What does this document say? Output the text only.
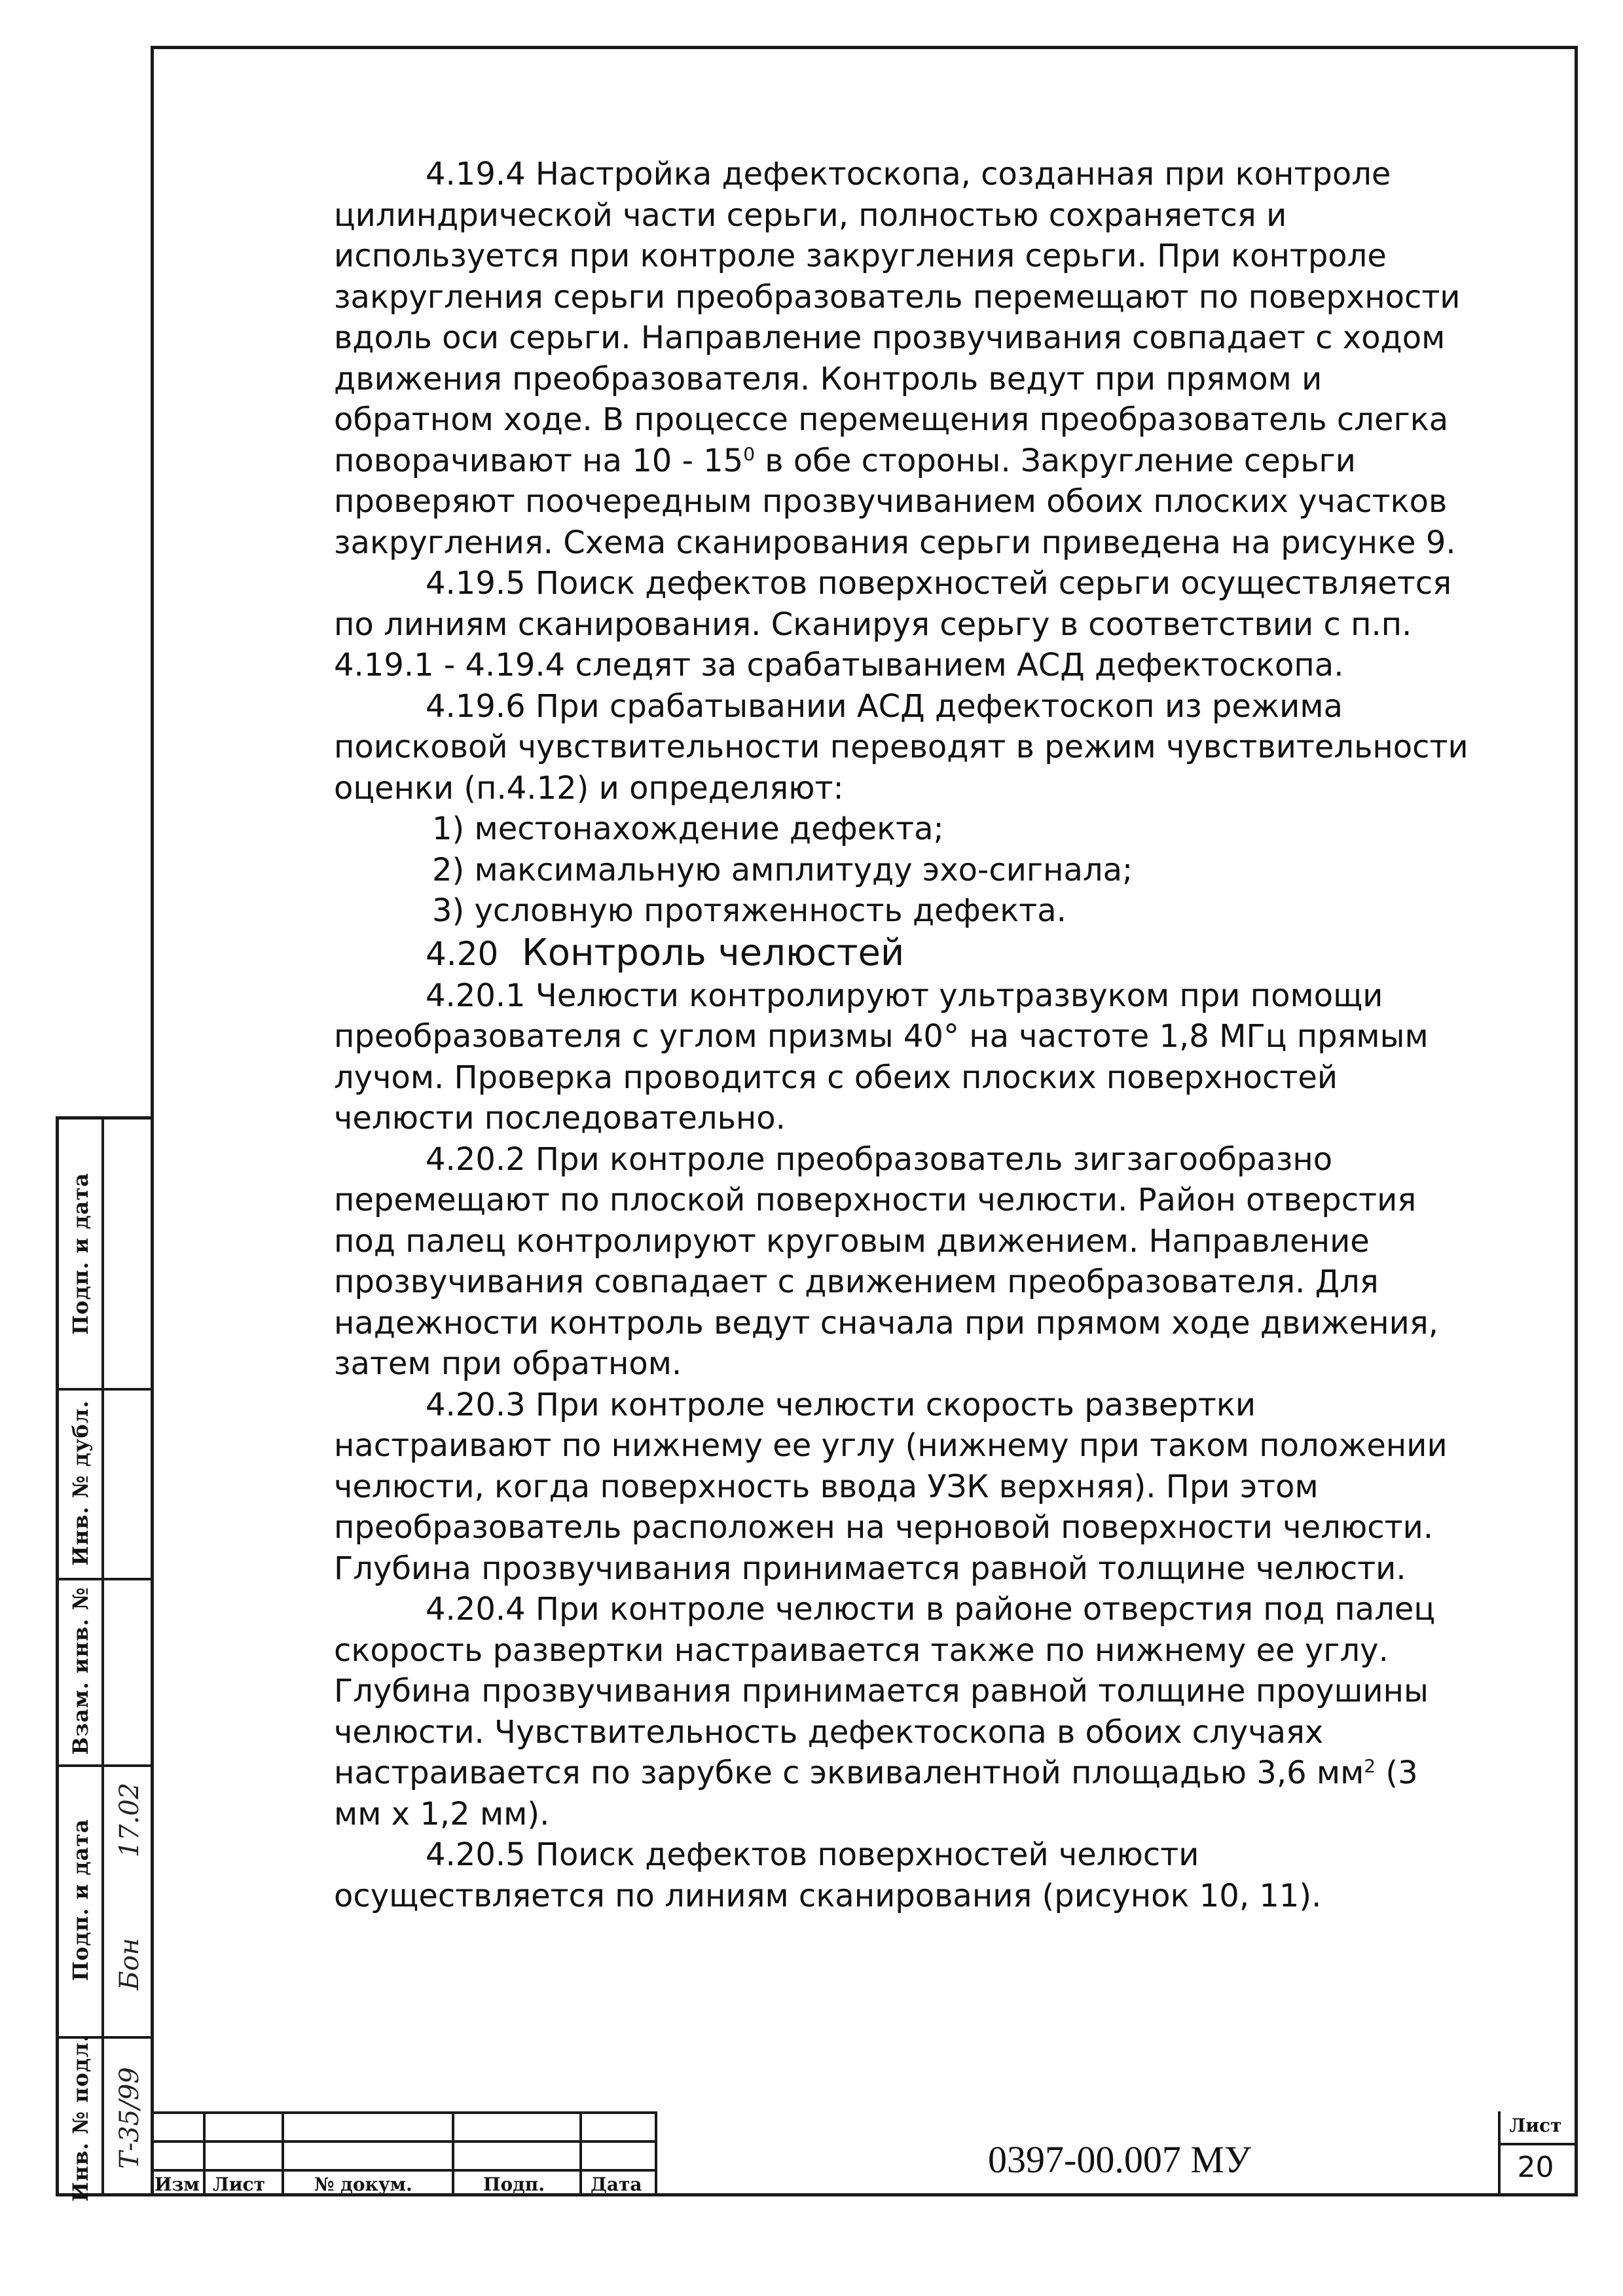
4.19.4 Настройка дефектоскопа, созданная при контроле цилиндрической части серьги, полностью сохраняется и используется при контроле закругления серьги. При контроле закругления серьги преобразователь перемещают по поверхности вдоль оси серьги. Направление прозвучивания совпадает с ходом движения преобразователя. Контроль ведут при прямом и обратном ходе. В процессе перемещения преобразователь слегка поворачивают на $10 - 15^0$ в обе стороны. Закругление серьги проверяют поочередным прозвучиванием обоих плоских участков закругления. Схема сканирования серьги приведена на рисунке 9.

4.19.5 Поиск дефектов поверхностей серьги осуществляется по линиям сканирования. Сканируя серьгу в соответствии с п.п. 4.19.1 - 4.19.4 следят за срабатыванием АСД дефектоскопа.

4.19.6 При срабатывании АСД дефектоскоп из режима поисковой чувствительности переводят в режим чувствительности оценки (п.4.12) и определяют:

1) местонахождение дефекта;

2) максимальную амплитуду эхо-сигнала;

3) условную протяженность дефекта.

4.20 Контроль челюстей

4.20.1 Челюсти контролируют ультразвуком при помощи преобразователя с углом призмы 40° на частоте 1,8 МГц прямым лучом. Проверка проводится с обеих плоских поверхностей челюсти последовательно.

4.20.2 При контроле преобразователь зигзагообразно перемещают по плоской поверхности челюсти. Район отверстия под палец контролируют круговым движением. Направление прозвучивания совпадает с движением преобразователя. Для надежности контроль ведут сначала при прямом ходе движения, затем при обратном.

4.20.3 При контроле челюсти скорость развертки настраивают по нижнему ее углу (нижнему при таком положении челюсти, когда поверхность ввода УЗК верхняя). При этом преобразователь расположен на черновой поверхности челюсти. Глубина прозвучивания принимается равной толщине челюсти.

4.20.4 При контроле челюсти в районе отверстия под палец скорость развертки настраивается также по нижнему ее углу. Глубина прозвучивания принимается равной толщине проушины челюсти. Чувствительность дефектоскопа в обоих случаях настраивается по зарубке с эквивалентной площадью 3,6 $мм^2$ (3 мм х 1,2 мм).

4.20.5 Поиск дефектов поверхностей челюсти осуществляется по линиям сканирования (рисунок 10, 11).

Подп. и дата
Инв. № дубл.
Взам. инв. №
Подп. и дата
Инв. № подл.
17.02
Бон
Т-35/99
Изм Лист	№ докум.	Подп. Дата
0397-00.007 МУ
Лист
20
